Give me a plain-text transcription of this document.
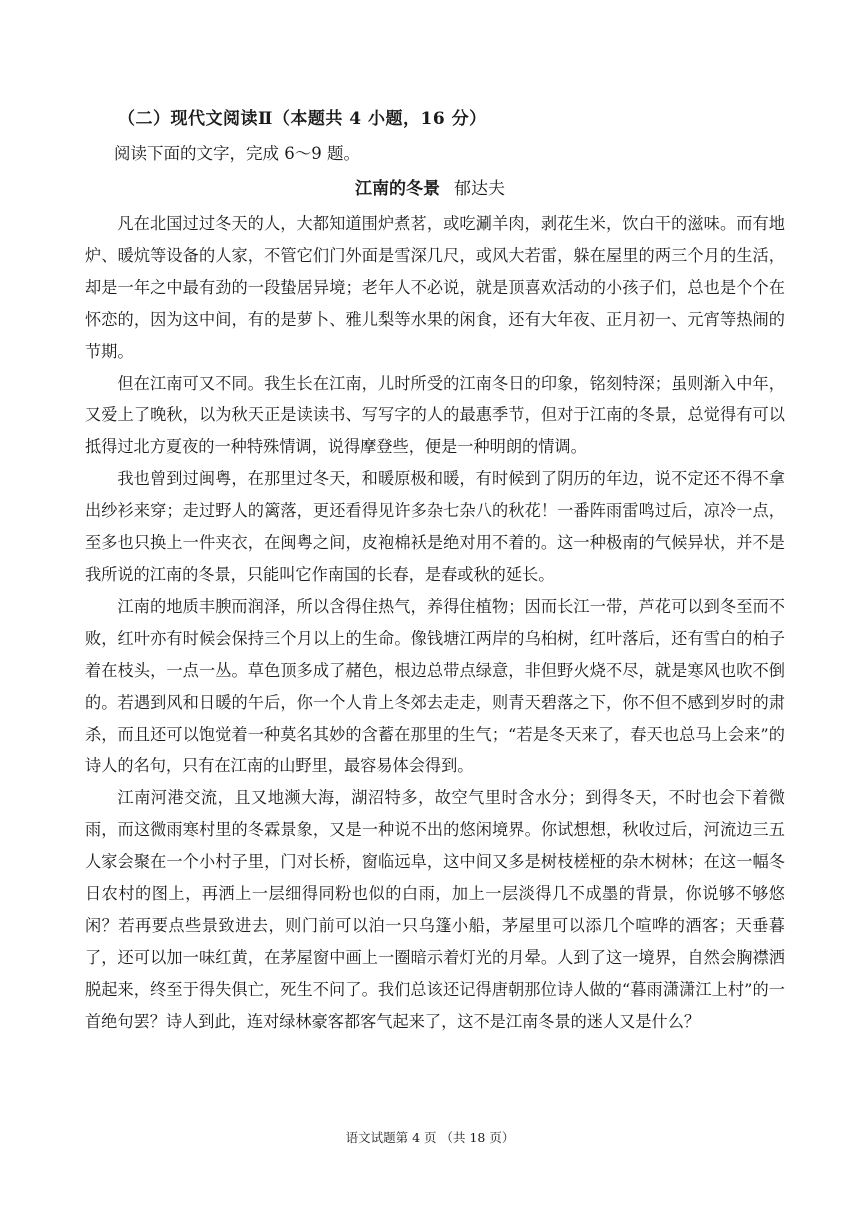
（二）现代文阅读Ⅱ（本题共 4 小题，16 分）
阅读下面的文字，完成 6～9 题。
江南的冬景 郁达夫

凡在北国过过冬天的人，大都知道围炉煮茗，或吃涮羊肉，剥花生米，饮白干的滋味。而有地炉、暖炕等设备的人家，不管它们门外面是雪深几尺，或风大若雷，躲在屋里的两三个月的生活，却是一年之中最有劲的一段蛰居异境；老年人不必说，就是顶喜欢活动的小孩子们，总也是个个在怀恋的，因为这中间，有的是萝卜、雅儿梨等水果的闲食，还有大年夜、正月初一、元宵等热闹的节期。

但在江南可又不同。我生长在江南，儿时所受的江南冬日的印象，铭刻特深；虽则渐入中年，又爱上了晚秋，以为秋天正是读读书、写写字的人的最惠季节，但对于江南的冬景，总觉得有可以抵得过北方夏夜的一种特殊情调，说得摩登些，便是一种明朗的情调。

我也曾到过闽粤，在那里过冬天，和暖原极和暖，有时候到了阴历的年边，说不定还不得不拿出纱衫来穿；走过野人的篱落，更还看得见许多杂七杂八的秋花！一番阵雨雷鸣过后，凉冷一点，至多也只换上一件夹衣，在闽粤之间，皮袍棉袄是绝对用不着的。这一种极南的气候异状，并不是我所说的江南的冬景，只能叫它作南国的长春，是春或秋的延长。

江南的地质丰腴而润泽，所以含得住热气，养得住植物；因而长江一带，芦花可以到冬至而不败，红叶亦有时候会保持三个月以上的生命。像钱塘江两岸的乌桕树，红叶落后，还有雪白的柏子着在枝头，一点一丛。草色顶多成了赭色，根边总带点绿意，非但野火烧不尽，就是寒风也吹不倒的。若遇到风和日暖的午后，你一个人肯上冬郊去走走，则青天碧落之下，你不但不感到岁时的肃杀，而且还可以饱觉着一种莫名其妙的含蓄在那里的生气；“若是冬天来了，春天也总马上会来”的诗人的名句，只有在江南的山野里，最容易体会得到。

江南河港交流，且又地濒大海，湖沼特多，故空气里时含水分；到得冬天，不时也会下着微雨，而这微雨寒村里的冬霖景象，又是一种说不出的悠闲境界。你试想想，秋收过后，河流边三五人家会聚在一个小村子里，门对长桥，窗临远阜，这中间又多是树枝槎桠的杂木树林；在这一幅冬日农村的图上，再洒上一层细得同粉也似的白雨，加上一层淡得几不成墨的背景，你说够不够悠闲？若再要点些景致进去，则门前可以泊一只乌篷小船，茅屋里可以添几个喧哗的酒客；天垂暮了，还可以加一味红黄，在茅屋窗中画上一圈暗示着灯光的月晕。人到了这一境界，自然会胸襟洒脱起来，终至于得失俱亡，死生不问了。我们总该还记得唐朝那位诗人做的“暮雨潇潇江上村”的一首绝句罢？诗人到此，连对绿林豪客都客气起来了，这不是江南冬景的迷人又是什么？

语文试题第 4 页 （共 18 页）
